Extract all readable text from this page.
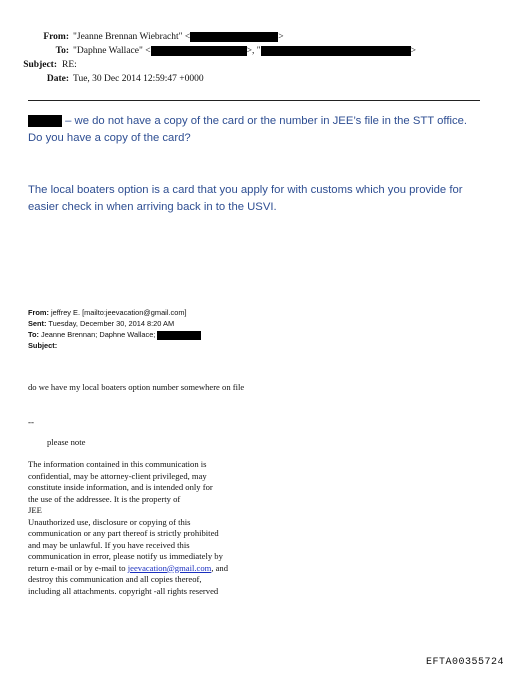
From: "Jeanne Brennan Wiebracht" <	>
To: "Daphne Wallace" <	>, "	>
Subject: RE:
Date: Tue, 30 Dec 2014 12:59:47 +0000
– we do not have a copy of the card or the number in JEE’s file in the STT office. Do you have a copy of the card?
The local boaters option is a card that you apply for with customs which you provide for easier check in when arriving back in to the USVI.
From: jeffrey E. [mailto:jeevacation@gmail.com]
Sent: Tuesday, December 30, 2014 8:20 AM
To: Jeanne Brennan; Daphne Wallace;
Subject:
do we have my local boaters option number somewhere on file
--
please note
The information contained in this communication is
confidential, may be attorney-client privileged, may
constitute inside information, and is intended only for
the use of the addressee. It is the property of
JEE
Unauthorized use, disclosure or copying of this
communication or any part thereof is strictly prohibited
and may be unlawful. If you have received this
communication in error, please notify us immediately by
return e-mail or by e-mail to jeevacation@gmail.com, and
destroy this communication and all copies thereof,
including all attachments. copyright -all rights reserved
EFTA00355724
